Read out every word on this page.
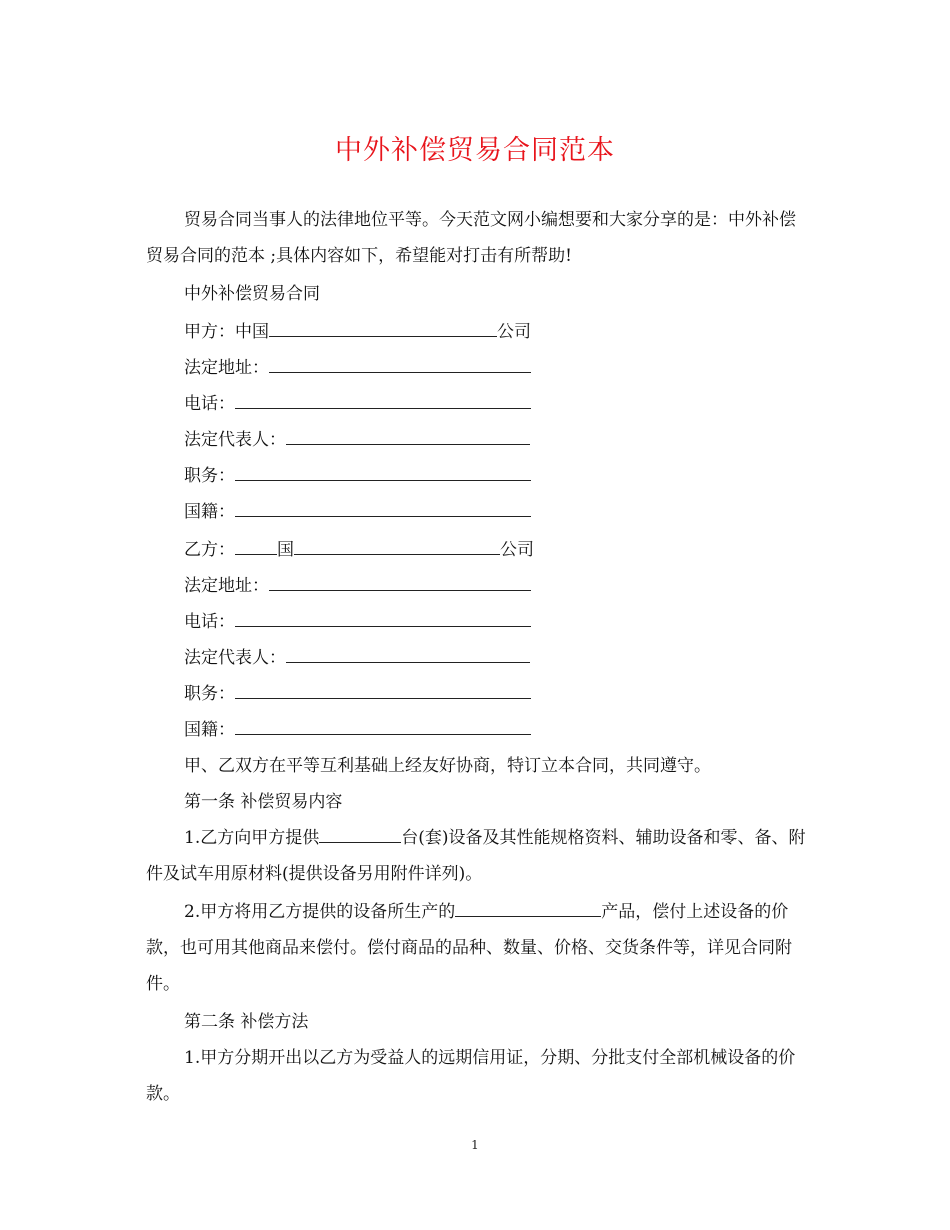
中外补偿贸易合同范本
贸易合同当事人的法律地位平等。今天范文网小编想要和大家分享的是：中外补偿贸易合同的范本 ;具体内容如下，希望能对打击有所帮助!
中外补偿贸易合同
甲方：中国	公司
法定地址：
电话：
法定代表人：
职务：
国籍：
乙方： 国	公司
法定地址：
电话：
法定代表人：
职务：
国籍：
甲、乙双方在平等互利基础上经友好协商，特订立本合同，共同遵守。
第一条 补偿贸易内容
1.乙方向甲方提供	台(套)设备及其性能规格资料、辅助设备和零、备、附件及试车用原材料(提供设备另用附件详列)。
2.甲方将用乙方提供的设备所生产的	产品，偿付上述设备的价款，也可用其他商品来偿付。偿付商品的品种、数量、价格、交货条件等，详见合同附件。
第二条 补偿方法
1.甲方分期开出以乙方为受益人的远期信用证，分期、分批支付全部机械设备的价款。
1
